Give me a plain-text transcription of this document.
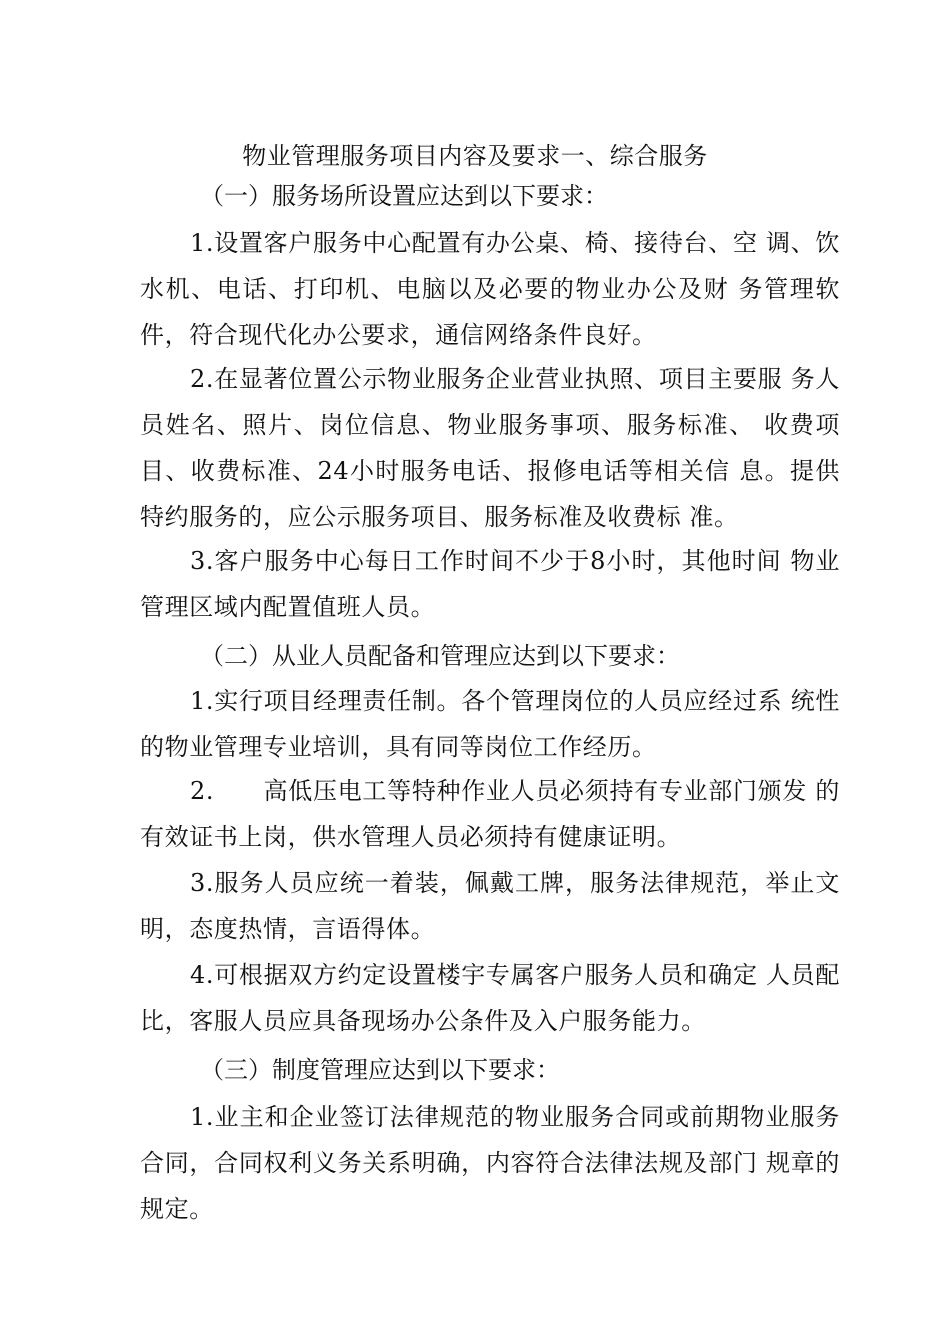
物业管理服务项目内容及要求一、综合服务
（一）服务场所设置应达到以下要求：
1.设置客户服务中心配置有办公桌、椅、接待台、空 调、饮水机、电话、打印机、电脑以及必要的物业办公及财 务管理软件，符合现代化办公要求，通信网络条件良好。
2.在显著位置公示物业服务企业营业执照、项目主要服 务人员姓名、照片、岗位信息、物业服务事项、服务标准、 收费项目、收费标准、24小时服务电话、报修电话等相关信 息。提供特约服务的，应公示服务项目、服务标准及收费标 准。
3.客户服务中心每日工作时间不少于8小时，其他时间 物业管理区域内配置值班人员。
（二）从业人员配备和管理应达到以下要求：
1.实行项目经理责任制。各个管理岗位的人员应经过系 统性的物业管理专业培训，具有同等岗位工作经历。
2.　　高低压电工等特种作业人员必须持有专业部门颁发 的有效证书上岗，供水管理人员必须持有健康证明。
3.服务人员应统一着装，佩戴工牌，服务法律规范，举止文明，态度热情，言语得体。
4.可根据双方约定设置楼宇专属客户服务人员和确定 人员配比，客服人员应具备现场办公条件及入户服务能力。
（三）制度管理应达到以下要求：
1.业主和企业签订法律规范的物业服务合同或前期物业服务合同，合同权利义务关系明确，内容符合法律法规及部门 规章的规定。
